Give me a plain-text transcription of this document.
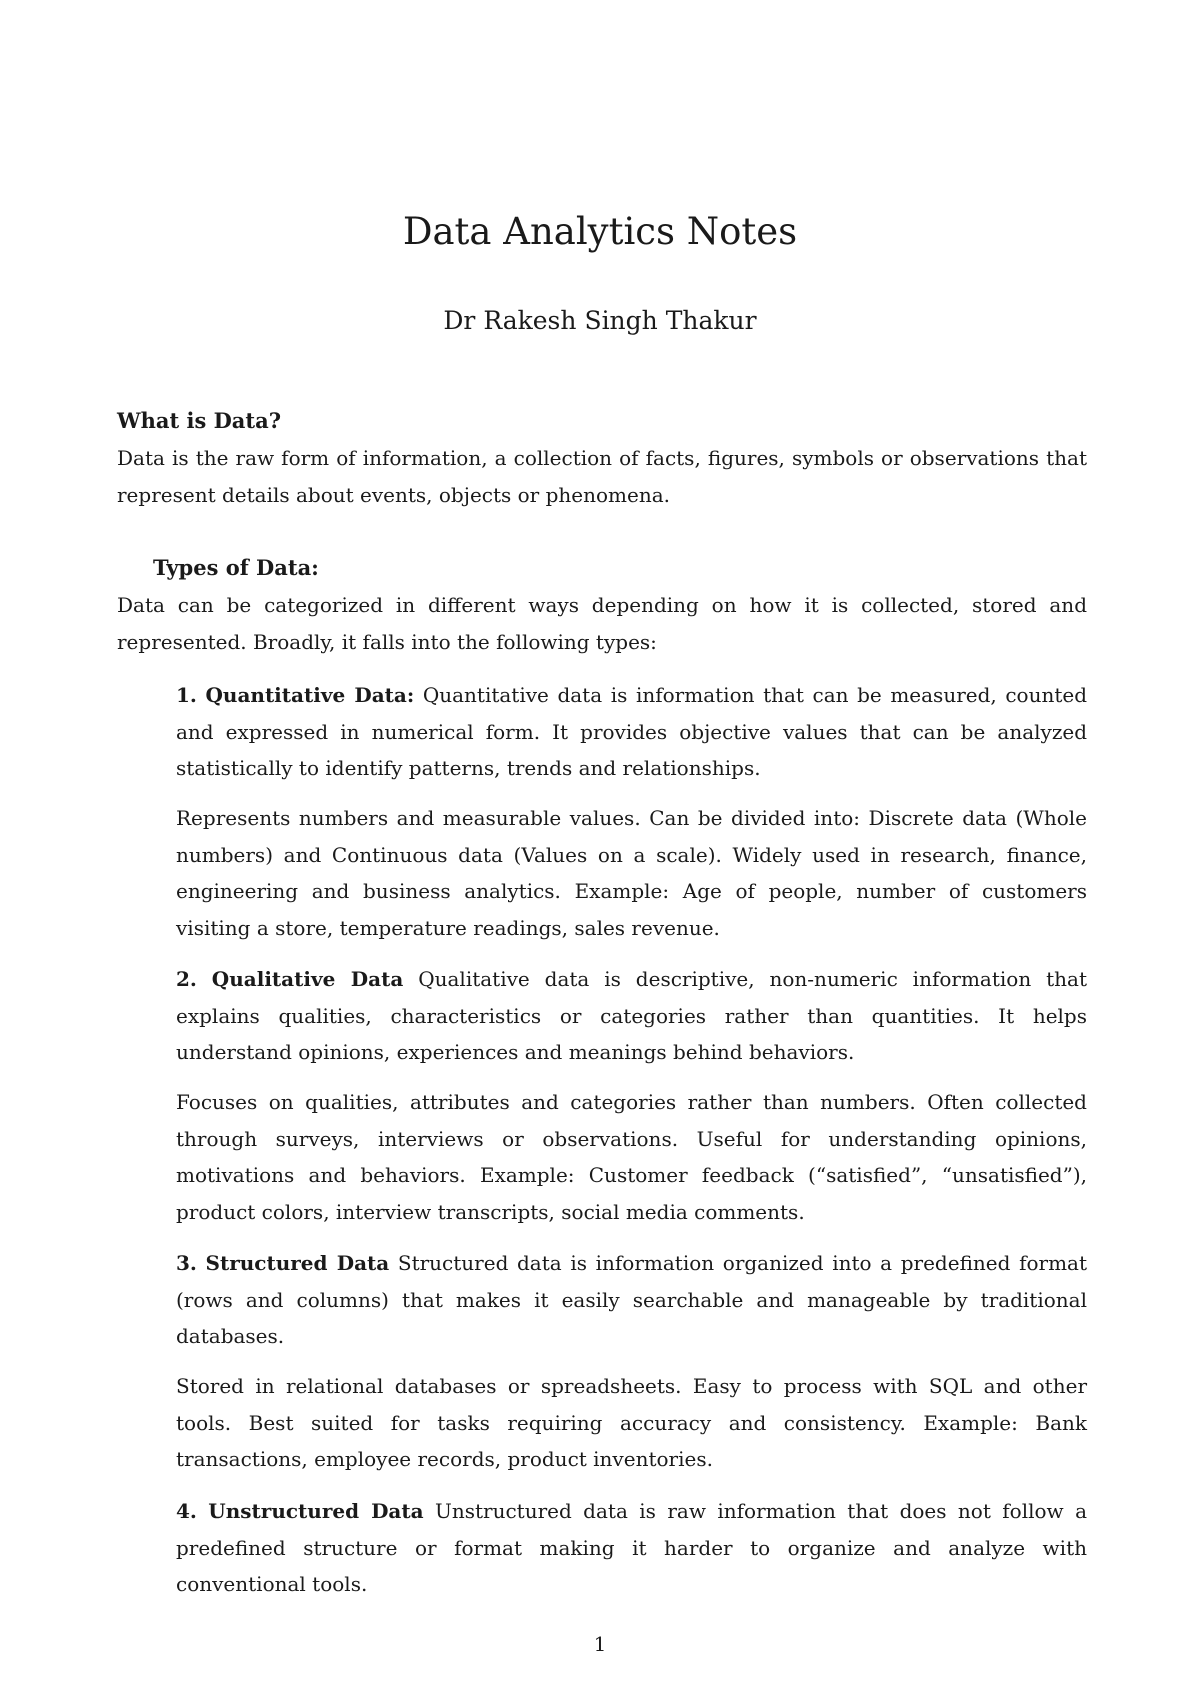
Data Analytics Notes
Dr Rakesh Singh Thakur
What is Data?
Data is the raw form of information, a collection of facts, figures, symbols or observations that represent details about events, objects or phenomena.
Types of Data:
Data can be categorized in different ways depending on how it is collected, stored and represented. Broadly, it falls into the following types:
1. Quantitative Data: Quantitative data is information that can be measured, counted and expressed in numerical form. It provides objective values that can be analyzed statistically to identify patterns, trends and relationships.
Represents numbers and measurable values. Can be divided into: Discrete data (Whole numbers) and Continuous data (Values on a scale). Widely used in research, finance, engineering and business analytics. Example: Age of people, number of customers visiting a store, temperature readings, sales revenue.
2. Qualitative Data Qualitative data is descriptive, non-numeric information that explains qualities, characteristics or categories rather than quantities. It helps understand opinions, experiences and meanings behind behaviors.
Focuses on qualities, attributes and categories rather than numbers. Often collected through surveys, interviews or observations. Useful for understanding opinions, motivations and behaviors. Example: Customer feedback (“satisfied”, “unsatisfied”), product colors, interview transcripts, social media comments.
3. Structured Data Structured data is information organized into a predefined format (rows and columns) that makes it easily searchable and manageable by traditional databases.
Stored in relational databases or spreadsheets. Easy to process with SQL and other tools. Best suited for tasks requiring accuracy and consistency. Example: Bank transactions, employee records, product inventories.
4. Unstructured Data Unstructured data is raw information that does not follow a predefined structure or format making it harder to organize and analyze with conventional tools.
1
